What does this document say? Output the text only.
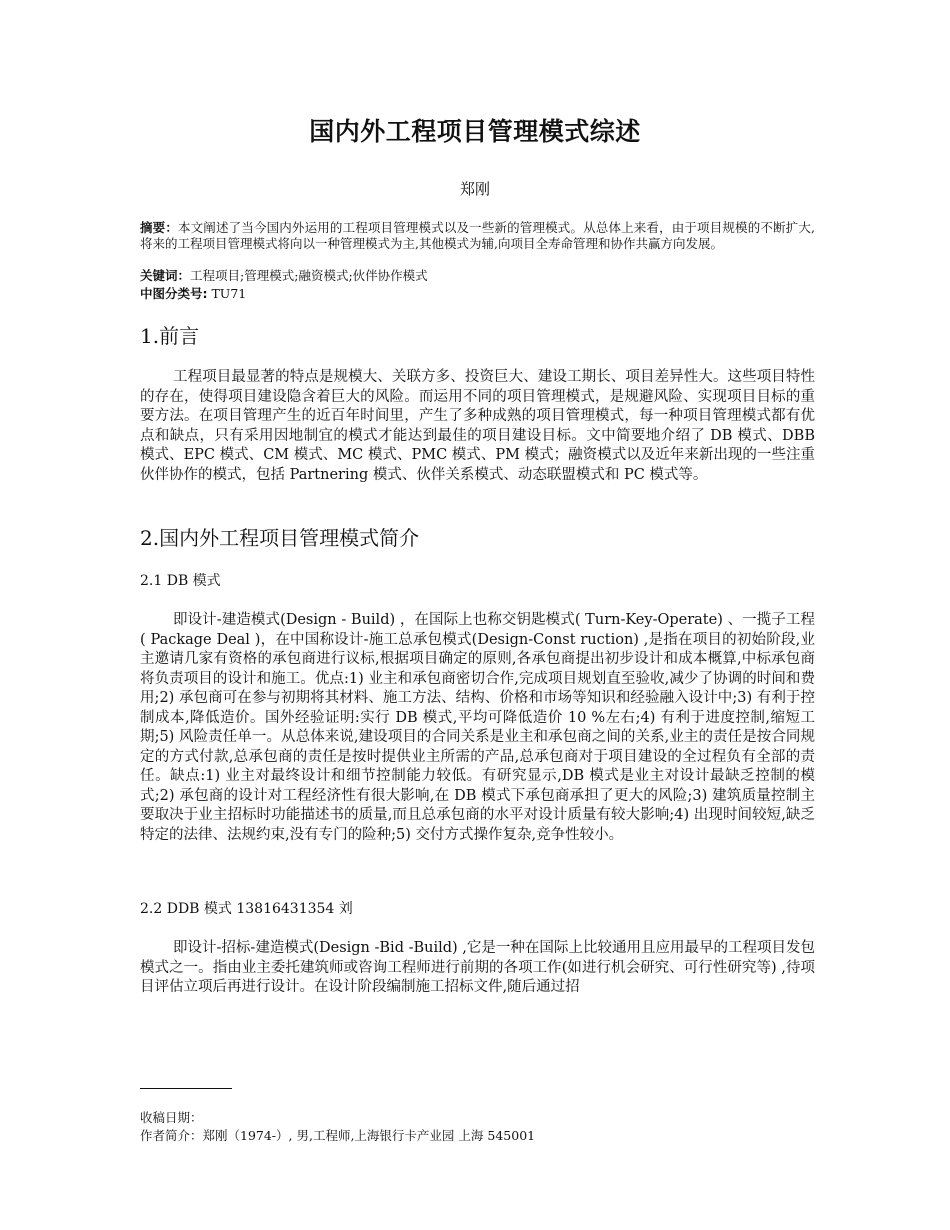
国内外工程项目管理模式综述
郑刚
摘要：本文阐述了当今国内外运用的工程项目管理模式以及一些新的管理模式。从总体上来看，由于项目规模的不断扩大,将来的工程项目管理模式将向以一种管理模式为主,其他模式为辅,向项目全寿命管理和协作共赢方向发展。
关键词：工程项目;管理模式;融资模式;伙伴协作模式
中图分类号: TU71
1.前言
工程项目最显著的特点是规模大、关联方多、投资巨大、建设工期长、项目差异性大。这些项目特性的存在，使得项目建设隐含着巨大的风险。而运用不同的项目管理模式，是规避风险、实现项目目标的重要方法。在项目管理产生的近百年时间里，产生了多种成熟的项目管理模式，每一种项目管理模式都有优点和缺点，只有采用因地制宜的模式才能达到最佳的项目建设目标。文中简要地介绍了 DB 模式、DBB 模式、EPC 模式、CM 模式、MC 模式、PMC 模式、PM 模式；融资模式以及近年来新出现的一些注重伙伴协作的模式，包括 Partnering 模式、伙伴关系模式、动态联盟模式和 PC 模式等。
2.国内外工程项目管理模式简介
2.1 DB 模式
即设计-建造模式(Design - Build) ，在国际上也称交钥匙模式( Turn-Key-Operate) 、一揽子工程( Package Deal )，在中国称设计-施工总承包模式(Design-Const ruction) ,是指在项目的初始阶段,业主邀请几家有资格的承包商进行议标,根据项目确定的原则,各承包商提出初步设计和成本概算,中标承包商将负责项目的设计和施工。优点:1) 业主和承包商密切合作,完成项目规划直至验收,减少了协调的时间和费用;2) 承包商可在参与初期将其材料、施工方法、结构、价格和市场等知识和经验融入设计中;3) 有利于控制成本,降低造价。国外经验证明:实行 DB 模式,平均可降低造价 10 %左右;4) 有利于进度控制,缩短工期;5) 风险责任单一。从总体来说,建设项目的合同关系是业主和承包商之间的关系,业主的责任是按合同规定的方式付款,总承包商的责任是按时提供业主所需的产品,总承包商对于项目建设的全过程负有全部的责任。缺点:1) 业主对最终设计和细节控制能力较低。有研究显示,DB 模式是业主对设计最缺乏控制的模式;2) 承包商的设计对工程经济性有很大影响,在 DB 模式下承包商承担了更大的风险;3) 建筑质量控制主要取决于业主招标时功能描述书的质量,而且总承包商的水平对设计质量有较大影响;4) 出现时间较短,缺乏特定的法律、法规约束,没有专门的险种;5) 交付方式操作复杂,竞争性较小。
2.2 DDB 模式 13816431354 刘
即设计-招标-建造模式(Design -Bid -Build) ,它是一种在国际上比较通用且应用最早的工程项目发包模式之一。指由业主委托建筑师或咨询工程师进行前期的各项工作(如进行机会研究、可行性研究等) ,待项目评估立项后再进行设计。在设计阶段编制施工招标文件,随后通过招
收稿日期：
作者简介：郑刚（1974-）, 男,工程师,上海银行卡产业园 上海 545001
